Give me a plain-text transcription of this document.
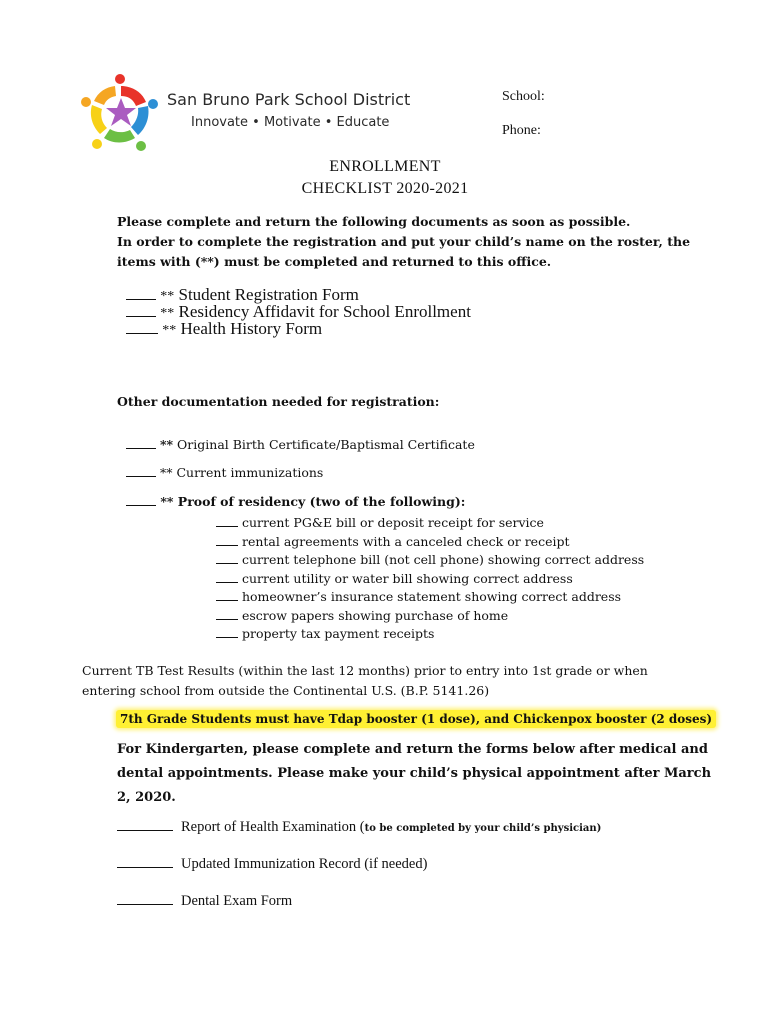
San Bruno Park School District
Innovate • Motivate • Educate
School:
Phone:
ENROLLMENT
CHECKLIST 2020-2021
Please complete and return the following documents as soon as possible.
In order to complete the registration and put your child’s name on the roster, the
items with (**) must be completed and returned to this office.
** Student Registration Form
** Residency Affidavit for School Enrollment
** Health History Form
Other documentation needed for registration:
** Original Birth Certificate/Baptismal Certificate
** Current immunizations
** Proof of residency (two of the following):
current PG&E bill or deposit receipt for service
rental agreements with a canceled check or receipt
current telephone bill (not cell phone) showing correct address
current utility or water bill showing correct address
homeowner’s insurance statement showing correct address
escrow papers showing purchase of home
property tax payment receipts
Current TB Test Results (within the last 12 months) prior to entry into 1st grade or when
entering school from outside the Continental U.S. (B.P. 5141.26)
7th Grade Students must have Tdap booster (1 dose), and Chickenpox booster (2 doses)
For Kindergarten, please complete and return the forms below after medical and
dental appointments. Please make your child’s physical appointment after March
2, 2020.
Report of Health Examination (to be completed by your child’s physician)
Updated Immunization Record (if needed)
Dental Exam Form
